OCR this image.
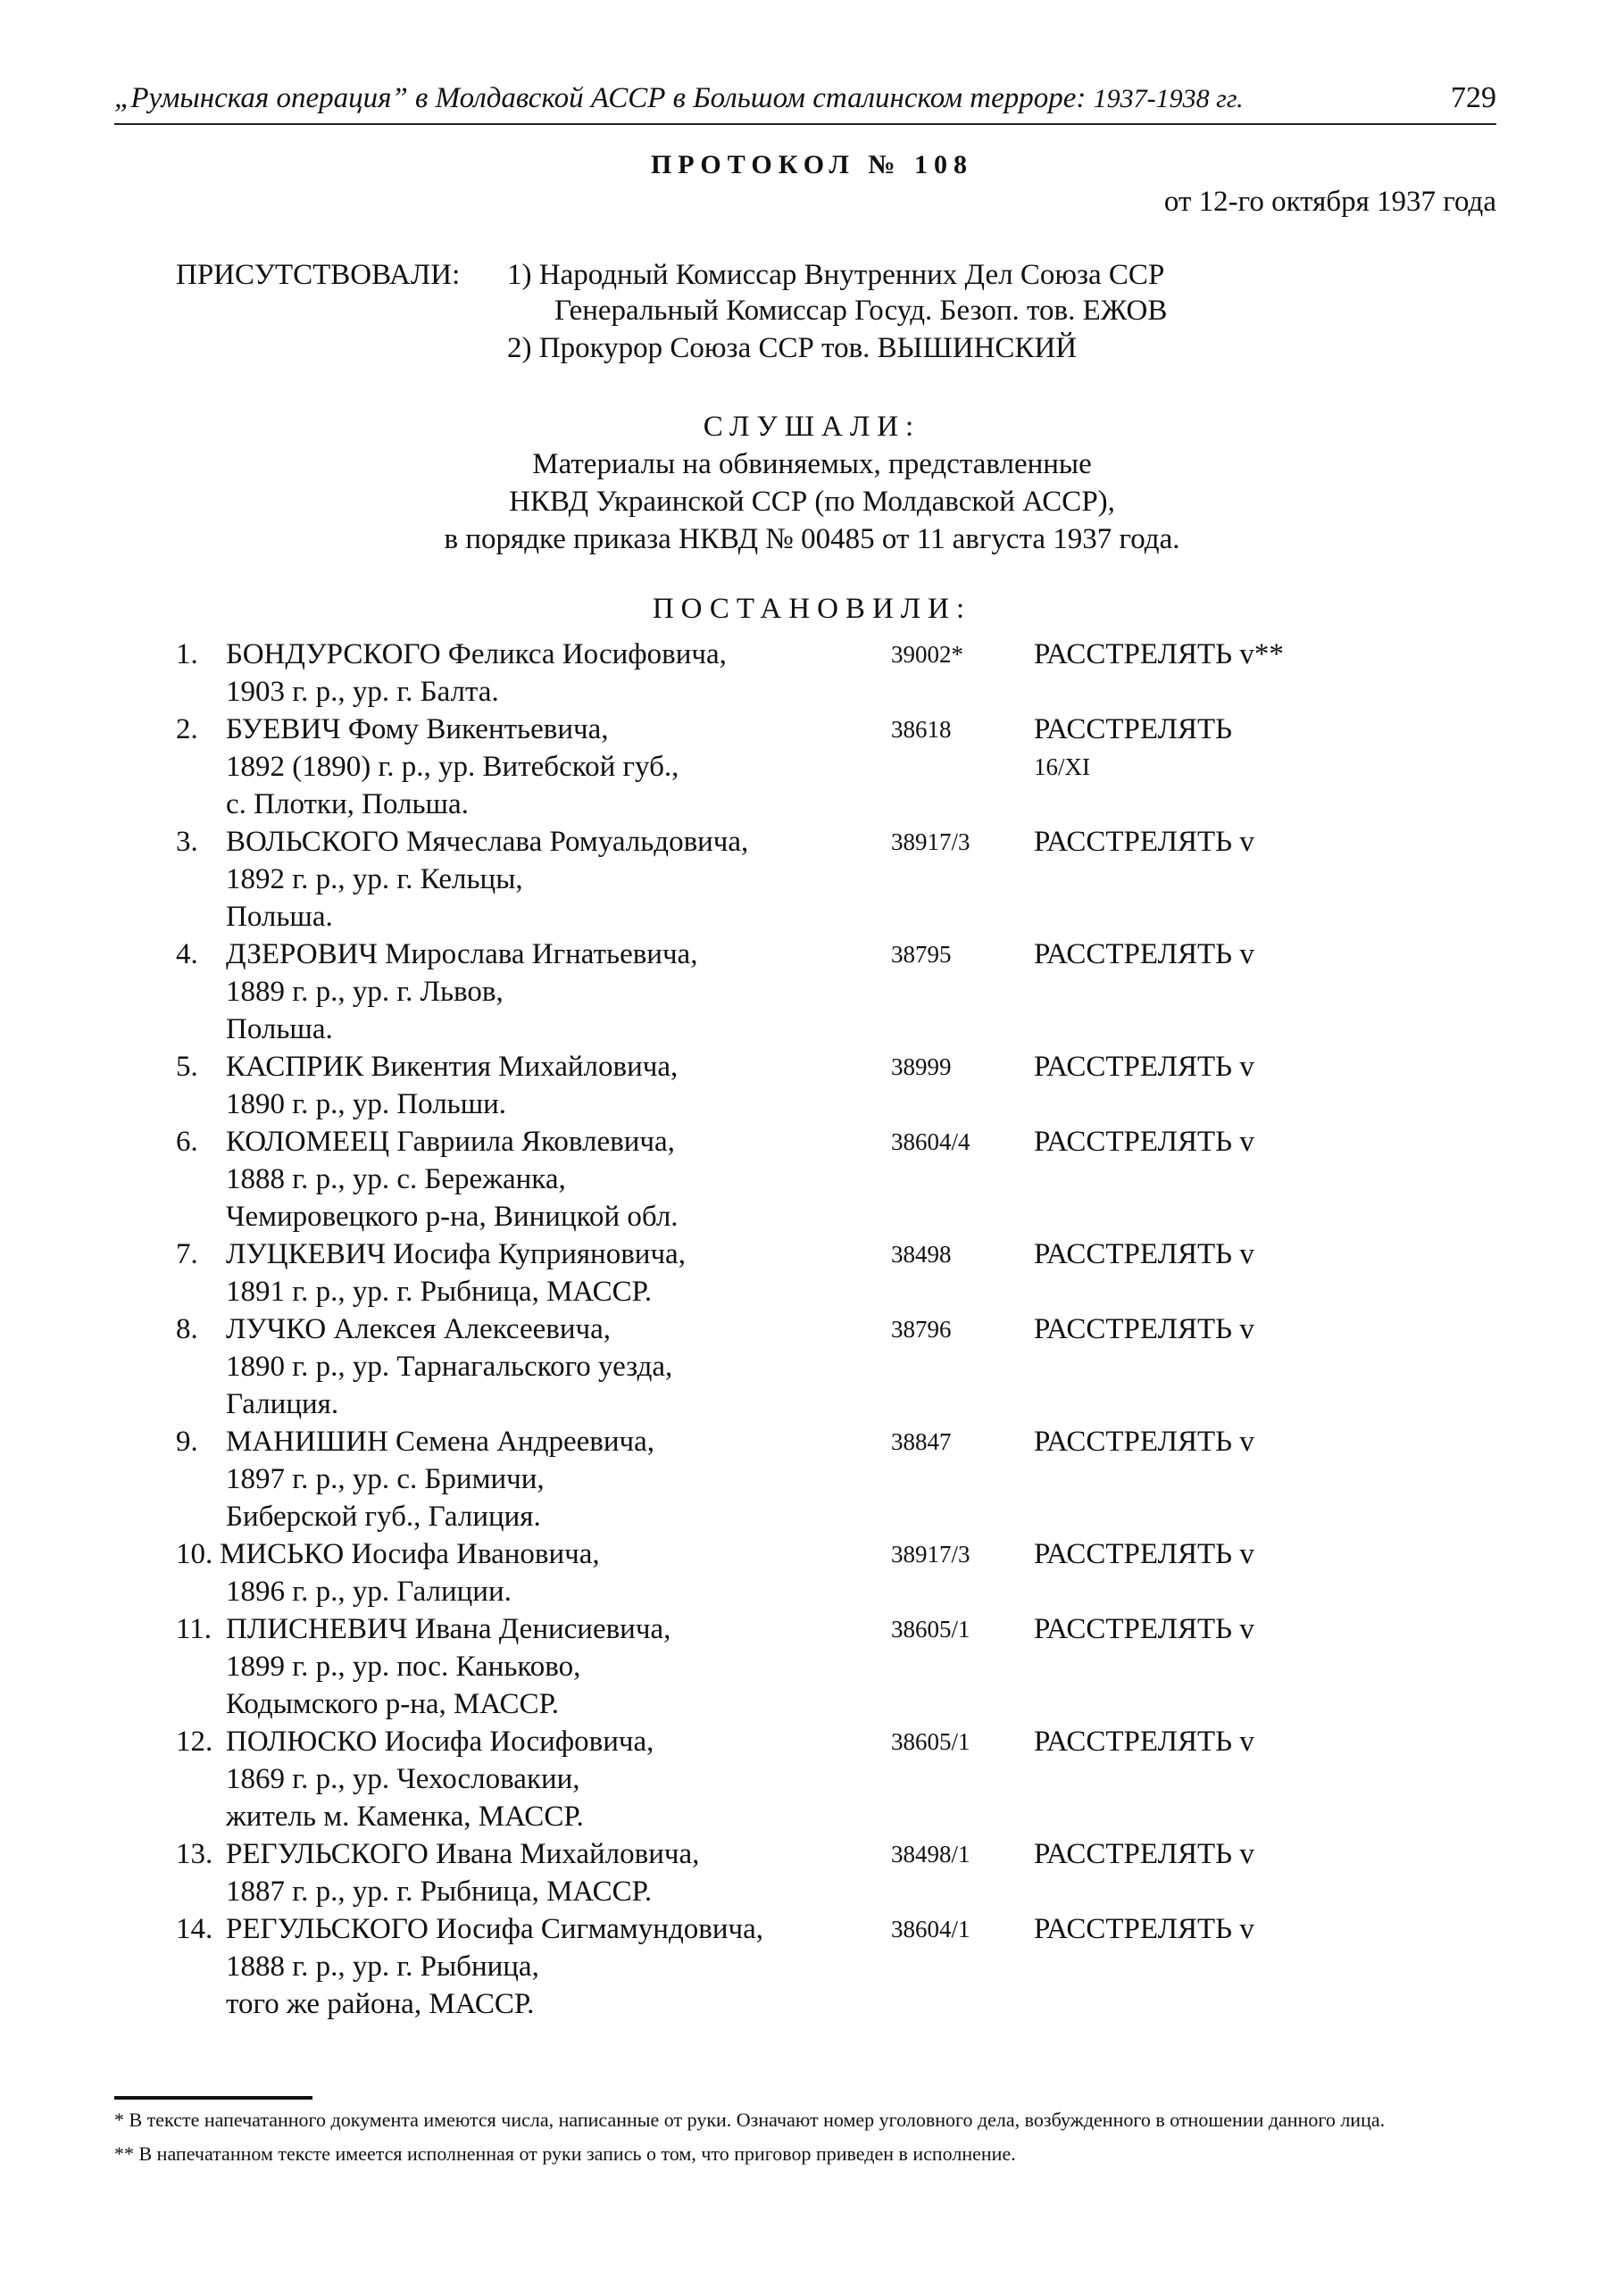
„Румынская операция” в Молдавской АССР в Большом сталинском терроре: 1937-1938 гг.	729
ПРОТОКОЛ № 108
от 12-го октября 1937 года
ПРИСУТСТВОВАЛИ: 1) Народный Комиссар Внутренних Дел Союза ССР
Генеральный Комиссар Госуд. Безоп. тов. ЕЖОВ
2) Прокурор Союза ССР тов. ВЫШИНСКИЙ
СЛУШАЛИ:
Материалы на обвиняемых, представленные
НКВД Украинской ССР (по Молдавской АССР),
в порядке приказа НКВД № 00485 от 11 августа 1937 года.
ПОСТАНОВИЛИ:
1. БОНДУРСКОГО Феликса Иосифовича,	39002* РАССТРЕЛЯТЬ v**
1903 г. р., ур. г. Балта.
2. БУЕВИЧ Фому Викентьевича,	38618	РАССТРЕЛЯТЬ
16/XI
1892 (1890) г. р., ур. Витебской губ.,
с. Плотки, Польша.
3. ВОЛЬСКОГО Мячеслава Ромуальдовича,	38917/3 РАССТРЕЛЯТЬ v
1892 г. р., ур. г. Кельцы,
Польша.
4. ДЗЕРОВИЧ Мирослава Игнатьевича,	38795	РАССТРЕЛЯТЬ v
1889 г. р., ур. г. Львов,
Польша.
5. КАСПРИК Викентия Михайловича,	38999	РАССТРЕЛЯТЬ v
1890 г. р., ур. Польши.
6. КОЛОМЕЕЦ Гавриила Яковлевича,	38604/4 РАССТРЕЛЯТЬ v
1888 г. р., ур. с. Бережанка,
Чемировецкого р-на, Виницкой обл.
7. ЛУЦКЕВИЧ Иосифа Куприяновича,	38498	РАССТРЕЛЯТЬ v
1891 г. р., ур. г. Рыбница, МАССР.
8. ЛУЧКО Алексея Алексеевича,	38796	РАССТРЕЛЯТЬ v
1890 г. р., ур. Тарнагальского уезда,
Галиция.
9. МАНИШИН Семена Андреевича,	38847	РАССТРЕЛЯТЬ v
1897 г. р., ур. с. Бримичи,
Биберской губ., Галиция.
10. МИСЬКО Иосифа Ивановича,	38917/3 РАССТРЕЛЯТЬ v
1896 г. р., ур. Галиции.
11. ПЛИСНЕВИЧ Ивана Денисиевича,	38605/1 РАССТРЕЛЯТЬ v
1899 г. р., ур. пос. Каньково,
Кодымского р-на, МАССР.
12. ПОЛЮСКО Иосифа Иосифовича,	38605/1 РАССТРЕЛЯТЬ v
1869 г. р., ур. Чехословакии,
житель м. Каменка, МАССР.
13. РЕГУЛЬСКОГО Ивана Михайловича,	38498/1 РАССТРЕЛЯТЬ v
1887 г. р., ур. г. Рыбница, МАССР.
14. РЕГУЛЬСКОГО Иосифа Сигмамундовича,	38604/1 РАССТРЕЛЯТЬ v
1888 г. р., ур. г. Рыбница,
того же района, МАССР.
* В тексте напечатанного документа имеются числа, написанные от руки. Означают номер уголовного дела, возбужденного в отношении данного лица.
** В напечатанном тексте имеется исполненная от руки запись о том, что приговор приведен в исполнение.
